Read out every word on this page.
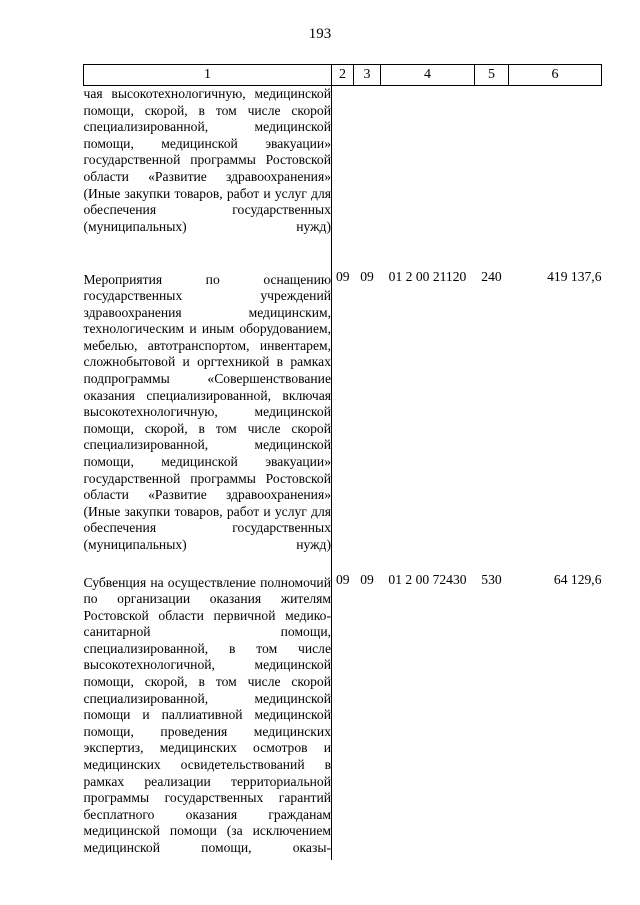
193
1	2	3	4	5	6
чая высокотехнологичную, медицинской помощи, скорой, в том числе скорой специализированной, медицинской помощи, медицинской эвакуации» государственной программы Ростовской области «Развитие здравоохранения» (Иные закупки товаров, работ и услуг для обеспечения государственных (муниципальных) нужд)					
Мероприятия по оснащению государственных учреждений здравоохранения медицинским, технологическим и иным оборудованием, мебелью, автотранспортом, инвентарем, сложнобытовой и оргтехникой в рамках подпрограммы «Совершенствование оказания специализированной, включая высокотехнологичную, медицинской помощи, скорой, в том числе скорой специализированной, медицинской помощи, медицинской эвакуации» государственной программы Ростовской области «Развитие здравоохранения» (Иные закупки товаров, работ и услуг для обеспечения государственных (муниципальных) нужд)	09	09	01 2 00 21120	240	419 137,6
Субвенция на осуществление полномочий по организации оказания жителям Ростовской области первичной медико-санитарной помощи, специализированной, в том числе высокотехнологичной, медицинской помощи, скорой, в том числе скорой специализированной, медицинской помощи и паллиативной медицинской помощи, проведения медицинских экспертиз, медицинских осмотров и медицинских освидетельствований в рамках реализации территориальной программы государственных гарантий бесплатного оказания гражданам медицинской помощи (за исключением медицинской помощи, оказы-	09	09	01 2 00 72430	530	64 129,6
